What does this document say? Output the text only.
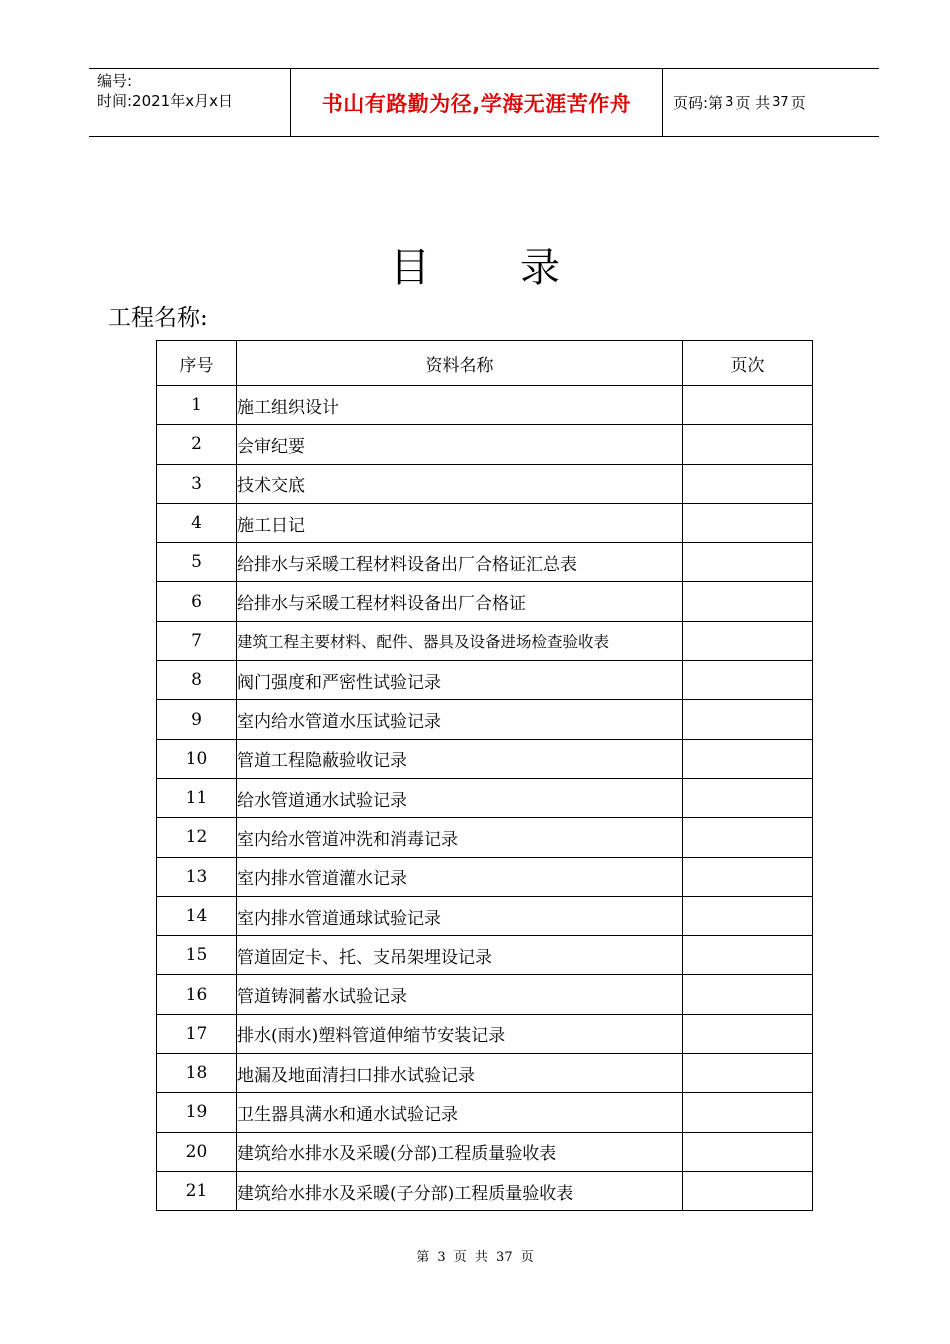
编号:
时间:2021年x月x日	书山有路勤为径,学海无涯苦作舟	页码:第 3 页 共 37 页
目 录
工程名称:
序号	资料名称	页次
1	施工组织设计	
2	会审纪要	
3	技术交底	
4	施工日记	
5	给排水与采暖工程材料设备出厂合格证汇总表	
6	给排水与采暖工程材料设备出厂合格证	
7	建筑工程主要材料、配件、器具及设备进场检查验收表	
8	阀门强度和严密性试验记录	
9	室内给水管道水压试验记录	
10	管道工程隐蔽验收记录	
11	给水管道通水试验记录	
12	室内给水管道冲洗和消毒记录	
13	室内排水管道灌水记录	
14	室内排水管道通球试验记录	
15	管道固定卡、托、支吊架埋设记录	
16	管道铸洞蓄水试验记录	
17	排水(雨水)塑料管道伸缩节安装记录	
18	地漏及地面清扫口排水试验记录	
19	卫生器具满水和通水试验记录	
20	建筑给水排水及采暖(分部)工程质量验收表	
21	建筑给水排水及采暖(子分部)工程质量验收表	
第 3 页 共 37 页
